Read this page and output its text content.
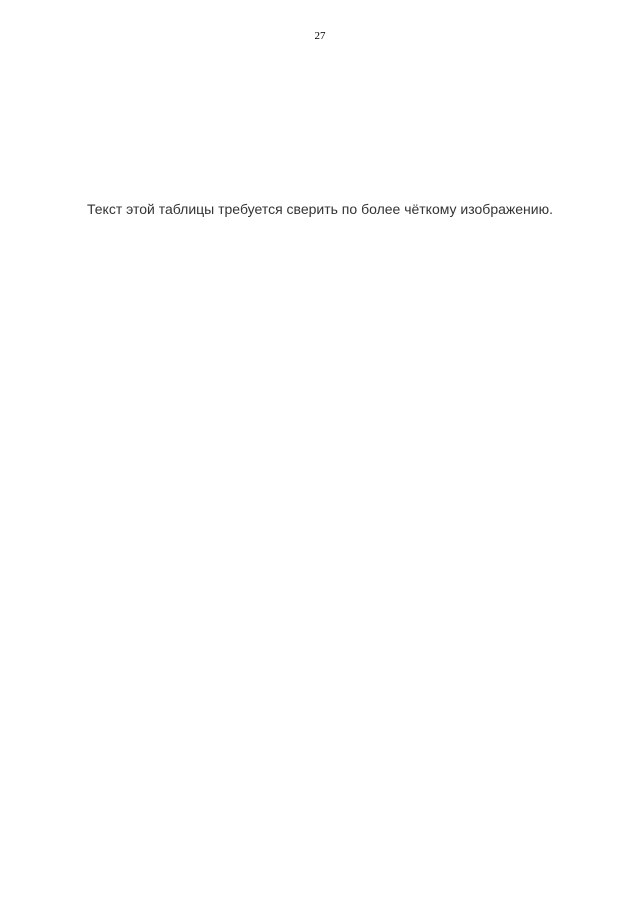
27
Текст этой таблицы требуется сверить по более чёткому изображению.
